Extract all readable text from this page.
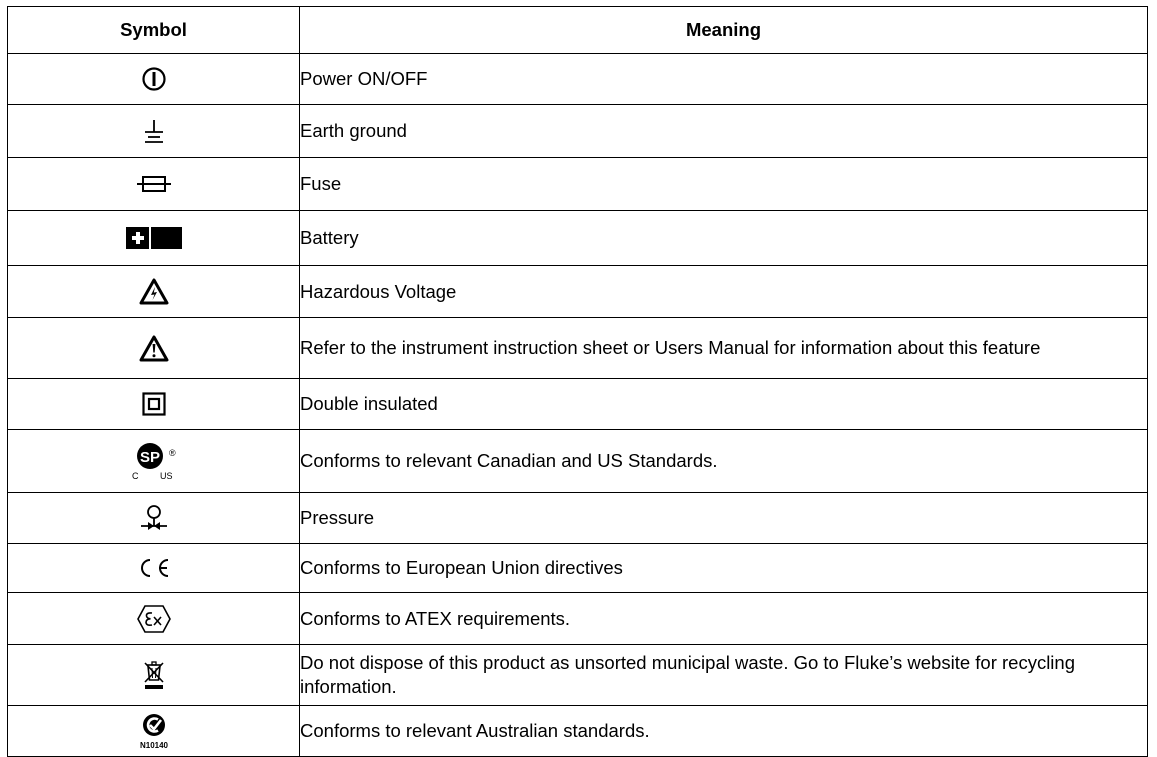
Symbol	Meaning

	Power ON/OFF

	Earth ground

	Fuse

	Battery

	Hazardous Voltage

	Refer to the instrument instruction sheet or Users Manual for information about this feature

	Double insulated

SP ®
C US	Conforms to relevant Canadian and US Standards.

	Pressure

	Conforms to European Union directives

	Conforms to ATEX requirements.

	Do not dispose of this product as unsorted municipal waste. Go to Fluke’s website for recycling information.

N10140	Conforms to relevant Australian standards.
